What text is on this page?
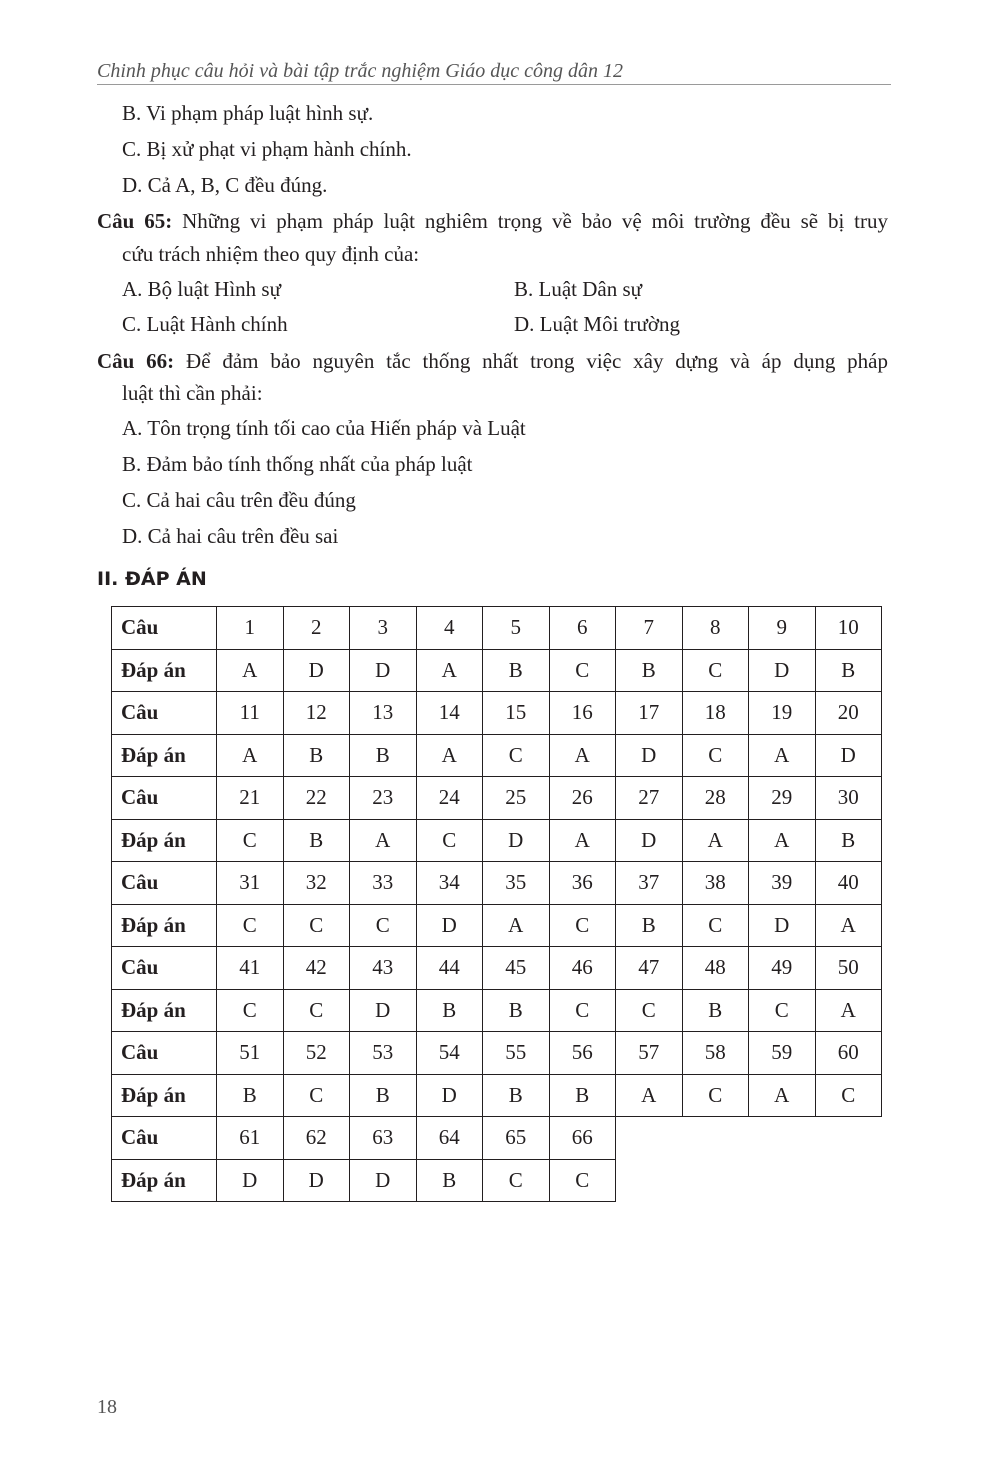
Chinh phục câu hỏi và bài tập trắc nghiệm Giáo dục công dân 12
B. Vi phạm pháp luật hình sự.
C. Bị xử phạt vi phạm hành chính.
D. Cả A, B, C đều đúng.
Câu 65: Những vi phạm pháp luật nghiêm trọng về bảo vệ môi trường đều sẽ bị truy
cứu trách nhiệm theo quy định của:
A. Bộ luật Hình sự	B. Luật Dân sự
C. Luật Hành chính	D. Luật Môi trường
Câu 66: Để đảm bảo nguyên tắc thống nhất trong việc xây dựng và áp dụng pháp
luật thì cần phải:
A. Tôn trọng tính tối cao của Hiến pháp và Luật
B. Đảm bảo tính thống nhất của pháp luật
C. Cả hai câu trên đều đúng
D. Cả hai câu trên đều sai
II. ĐÁP ÁN
Câu	1	2	3	4	5	6	7	8	9	10
Đáp án	A	D	D	A	B	C	B	C	D	B
Câu	11	12	13	14	15	16	17	18	19	20
Đáp án	A	B	B	A	C	A	D	C	A	D
Câu	21	22	23	24	25	26	27	28	29	30
Đáp án	C	B	A	C	D	A	D	A	A	B
Câu	31	32	33	34	35	36	37	38	39	40
Đáp án	C	C	C	D	A	C	B	C	D	A
Câu	41	42	43	44	45	46	47	48	49	50
Đáp án	C	C	D	B	B	C	C	B	C	A
Câu	51	52	53	54	55	56	57	58	59	60
Đáp án	B	C	B	D	B	B	A	C	A	C
Câu	61	62	63	64	65	66				
Đáp án	D	D	D	B	C	C				
18
